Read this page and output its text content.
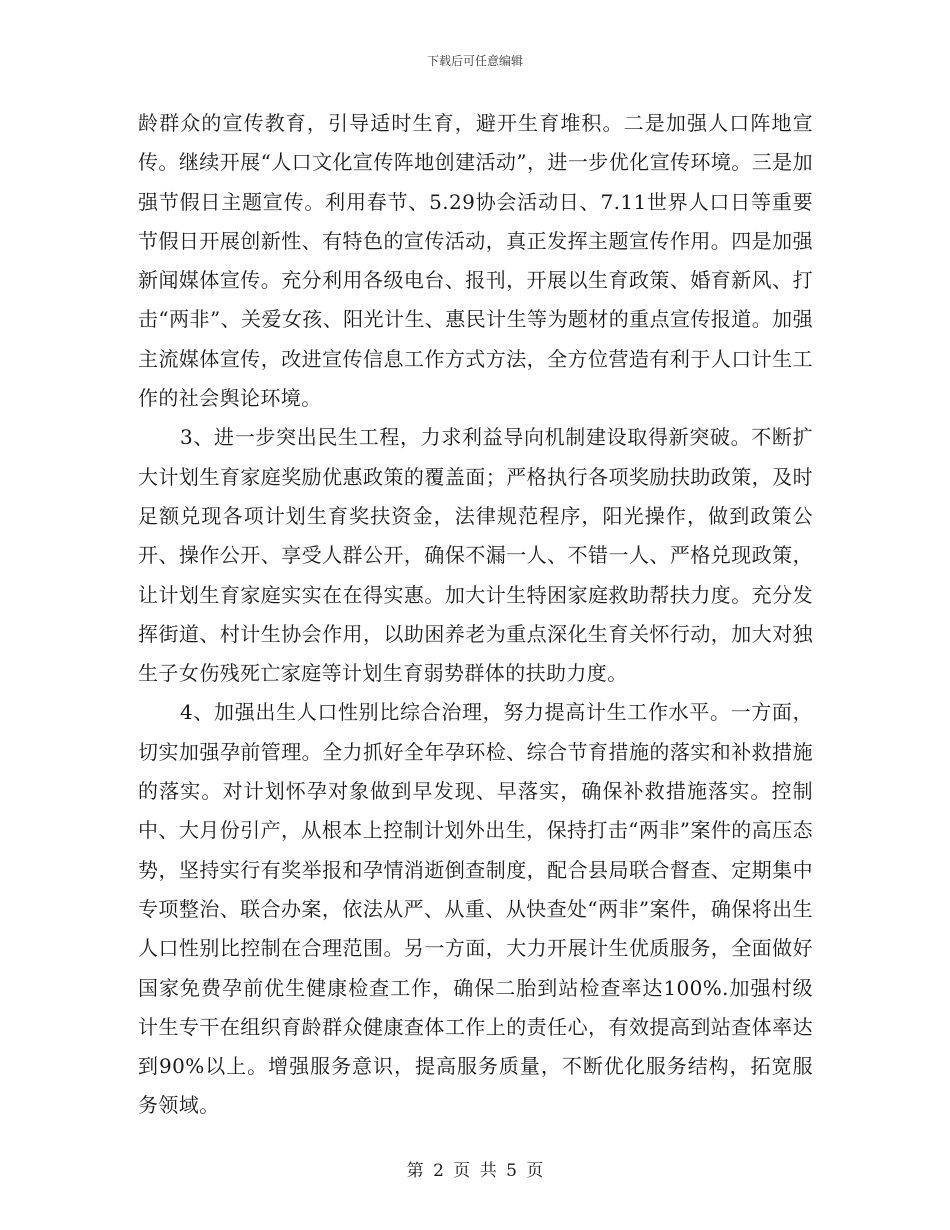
下载后可任意编辑

龄群众的宣传教育，引导适时生育，避开生育堆积。二是加强人口阵地宣传。继续开展“人口文化宣传阵地创建活动”，进一步优化宣传环境。三是加强节假日主题宣传。利用春节、5.29协会活动日、7.11世界人口日等重要节假日开展创新性、有特色的宣传活动，真正发挥主题宣传作用。四是加强新闻媒体宣传。充分利用各级电台、报刊，开展以生育政策、婚育新风、打击“两非”、关爱女孩、阳光计生、惠民计生等为题材的重点宣传报道。加强主流媒体宣传，改进宣传信息工作方式方法，全方位营造有利于人口计生工作的社会舆论环境。

3、进一步突出民生工程，力求利益导向机制建设取得新突破。不断扩大计划生育家庭奖励优惠政策的覆盖面；严格执行各项奖励扶助政策，及时足额兑现各项计划生育奖扶资金，法律规范程序，阳光操作，做到政策公开、操作公开、享受人群公开，确保不漏一人、不错一人、严格兑现政策，让计划生育家庭实实在在得实惠。加大计生特困家庭救助帮扶力度。充分发挥街道、村计生协会作用，以助困养老为重点深化生育关怀行动，加大对独生子女伤残死亡家庭等计划生育弱势群体的扶助力度。

4、加强出生人口性别比综合治理，努力提高计生工作水平。一方面，切实加强孕前管理。全力抓好全年孕环检、综合节育措施的落实和补救措施的落实。对计划怀孕对象做到早发现、早落实，确保补救措施落实。控制中、大月份引产，从根本上控制计划外出生，保持打击“两非”案件的高压态势，坚持实行有奖举报和孕情消逝倒查制度，配合县局联合督查、定期集中专项整治、联合办案，依法从严、从重、从快查处“两非”案件，确保将出生人口性别比控制在合理范围。另一方面，大力开展计生优质服务，全面做好国家免费孕前优生健康检查工作，确保二胎到站检查率达100%.加强村级计生专干在组织育龄群众健康查体工作上的责任心，有效提高到站查体率达到90%以上。增强服务意识，提高服务质量，不断优化服务结构，拓宽服务领域。

第 2 页 共 5 页
